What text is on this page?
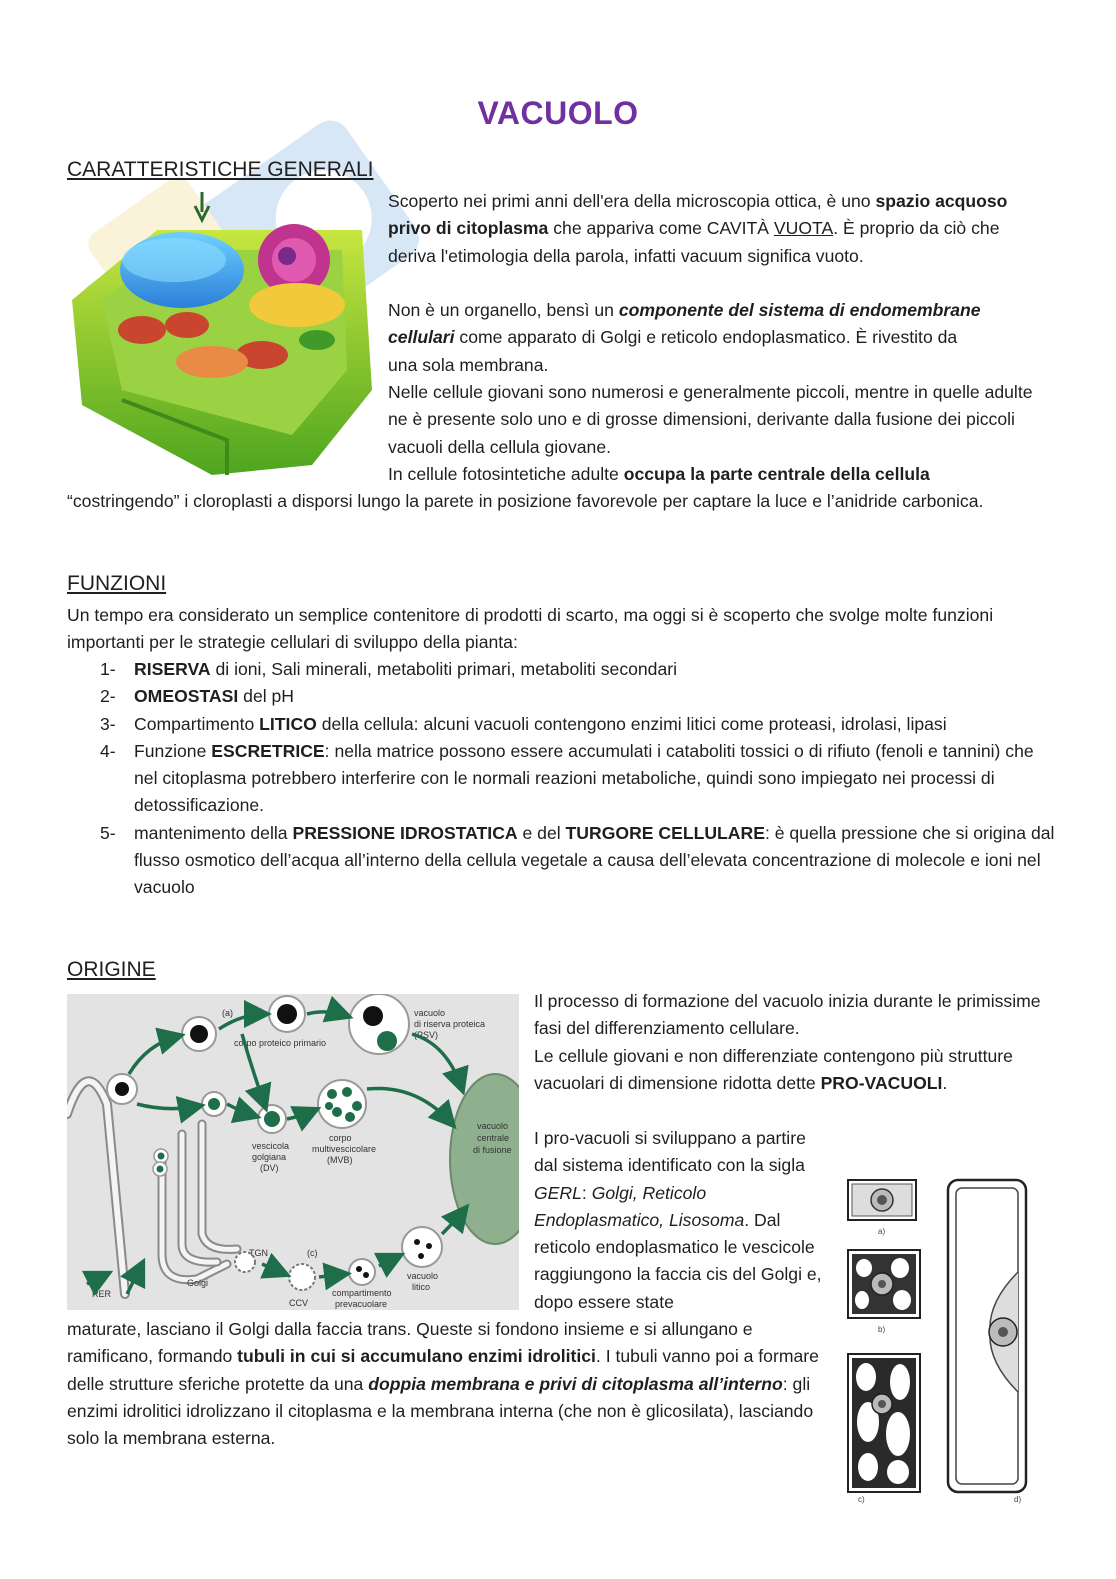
VACUOLO
CARATTERISTICHE GENERALI
Scoperto nei primi anni dell'era della microscopia ottica, è uno spazio acquoso privo di citoplasma che appariva come CAVITÀ VUOTA. È proprio da ciò che deriva l'etimologia della parola, infatti vacuum significa vuoto.
Non è un organello, bensì un componente del sistema di endomembrane cellulari come apparato di Golgi e reticolo endoplasmatico. È rivestito da una sola membrana.
Nelle cellule giovani sono numerosi e generalmente piccoli, mentre in quelle adulte ne è presente solo uno e di grosse dimensioni, derivante dalla fusione dei piccoli vacuoli della cellula giovane.
In cellule fotosintetiche adulte occupa la parte centrale della cellula
“costringendo” i cloroplasti a disporsi lungo la parete in posizione favorevole per captare la luce e l’anidride carbonica.
FUNZIONI
Un tempo era considerato un semplice contenitore di prodotti di scarto, ma oggi si è scoperto che svolge molte funzioni importanti per le strategie cellulari di sviluppo della pianta:
1- RISERVA di ioni, Sali minerali, metaboliti primari, metaboliti secondari
2- OMEOSTASI del pH
3- Compartimento LITICO della cellula: alcuni vacuoli contengono enzimi litici come proteasi, idrolasi, lipasi
4- Funzione ESCRETRICE: nella matrice possono essere accumulati i cataboliti tossici o di rifiuto (fenoli e tannini) che nel citoplasma potrebbero interferire con le normali reazioni metaboliche, quindi sono impiegato nei processi di detossificazione.
5- mantenimento della PRESSIONE IDROSTATICA e del TURGORE CELLULARE: è quella pressione che si origina dal flusso osmotico dell’acqua all’interno della cellula vegetale a causa dell’elevata concentrazione di molecole e ioni nel vacuolo
ORIGINE
vacuolo
centrale
di fusione
(a)
corpo proteico primario
vacuolo
di riserva proteica
(PSV)
(b)
vescicola
golgiana
(DV)
corpo
multivescicolare
(MVB)
TGN	(c)
RER
Golgi
CCV
compartimento
prevacuolare
vacuolo
litico
Il processo di formazione del vacuolo inizia durante le primissime fasi del differenziamento cellulare.
Le cellule giovani e non differenziate contengono più strutture vacuolari di dimensione ridotta dette PRO-VACUOLI.
I pro-vacuoli si sviluppano a partire dal sistema identificato con la sigla GERL: Golgi, Reticolo Endoplasmatico, Lisosoma. Dal reticolo endoplasmatico le vescicole raggiungono la faccia cis del Golgi e, dopo essere state
maturate, lasciano il Golgi dalla faccia trans. Queste si fondono insieme e si allungano e ramificano, formando tubuli in cui si accumulano enzimi idrolitici. I tubuli vanno poi a formare delle strutture sferiche protette da una doppia membrana e privi di citoplasma all’interno: gli enzimi idrolitici idrolizzano il citoplasma e la membrana interna (che non è glicosilata), lasciando solo la membrana esterna.
a)
b)
c)	d)
